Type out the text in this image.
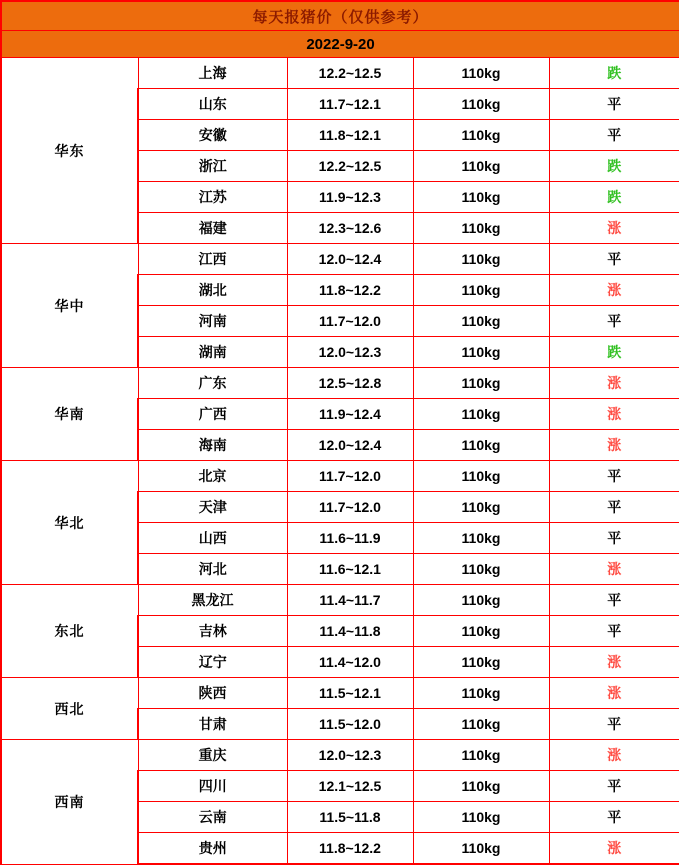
每天报猪价（仅供参考）				
2022-9-20				
华东	上海	12.2~12.5	110kg	跌
	山东	11.7~12.1	110kg	平
	安徽	11.8~12.1	110kg	平
	浙江	12.2~12.5	110kg	跌
	江苏	11.9~12.3	110kg	跌
	福建	12.3~12.6	110kg	涨
华中	江西	12.0~12.4	110kg	平
	湖北	11.8~12.2	110kg	涨
	河南	11.7~12.0	110kg	平
	湖南	12.0~12.3	110kg	跌
华南	广东	12.5~12.8	110kg	涨
	广西	11.9~12.4	110kg	涨
	海南	12.0~12.4	110kg	涨
华北	北京	11.7~12.0	110kg	平
	天津	11.7~12.0	110kg	平
	山西	11.6~11.9	110kg	平
	河北	11.6~12.1	110kg	涨
东北	黑龙江	11.4~11.7	110kg	平
	吉林	11.4~11.8	110kg	平
	辽宁	11.4~12.0	110kg	涨
西北	陕西	11.5~12.1	110kg	涨
	甘肃	11.5~12.0	110kg	平
西南	重庆	12.0~12.3	110kg	涨
	四川	12.1~12.5	110kg	平
	云南	11.5~11.8	110kg	平
	贵州	11.8~12.2	110kg	涨
